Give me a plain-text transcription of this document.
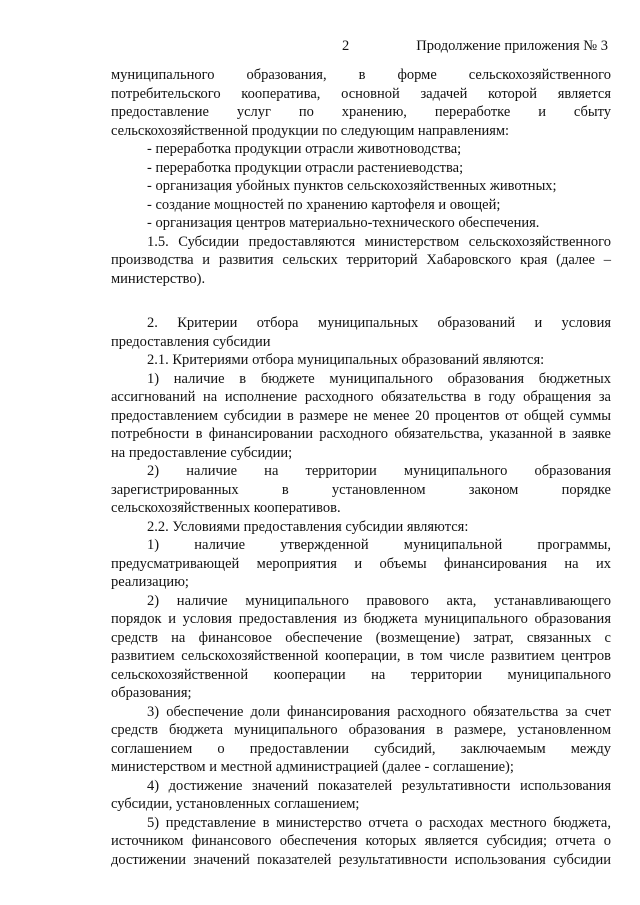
2	Продолжение приложения № 3
муниципального образования, в форме сельскохозяйственного
потребительского кооператива, основной задачей которой является
предоставление услуг по хранению, переработке и сбыту
сельскохозяйственной продукции по следующим направлениям:
- переработка продукции отрасли животноводства;
- переработка продукции отрасли растениеводства;
- организация убойных пунктов сельскохозяйственных животных;
- создание мощностей по хранению картофеля и овощей;
- организация центров материально-технического обеспечения.
1.5. Субсидии предоставляются министерством сельскохозяйственного
производства и развития сельских территорий Хабаровского края (далее –
министерство).
2. Критерии отбора муниципальных образований и условия
предоставления субсидии
2.1. Критериями отбора муниципальных образований являются:
1) наличие в бюджете муниципального образования бюджетных
ассигнований на исполнение расходного обязательства в году обращения за
предоставлением субсидии в размере не менее 20 процентов от общей суммы
потребности в финансировании расходного обязательства, указанной в заявке
на предоставление субсидии;
2) наличие на территории муниципального образования
зарегистрированных в установленном законом порядке
сельскохозяйственных кооперативов.
2.2. Условиями предоставления субсидии являются:
1) наличие утвержденной муниципальной программы,
предусматривающей мероприятия и объемы финансирования на их
реализацию;
2) наличие муниципального правового акта, устанавливающего
порядок и условия предоставления из бюджета муниципального образования
средств на финансовое обеспечение (возмещение) затрат, связанных с
развитием сельскохозяйственной кооперации, в том числе развитием центров
сельскохозяйственной кооперации на территории муниципального
образования;
3) обеспечение доли финансирования расходного обязательства за счет
средств бюджета муниципального образования в размере, установленном
соглашением о предоставлении субсидий, заключаемым между
министерством и местной администрацией (далее - соглашение);
4) достижение значений показателей результативности использования
субсидии, установленных соглашением;
5) представление в министерство отчета о расходах местного бюджета,
источником финансового обеспечения которых является субсидия; отчета о
достижении значений показателей результативности использования субсидии
